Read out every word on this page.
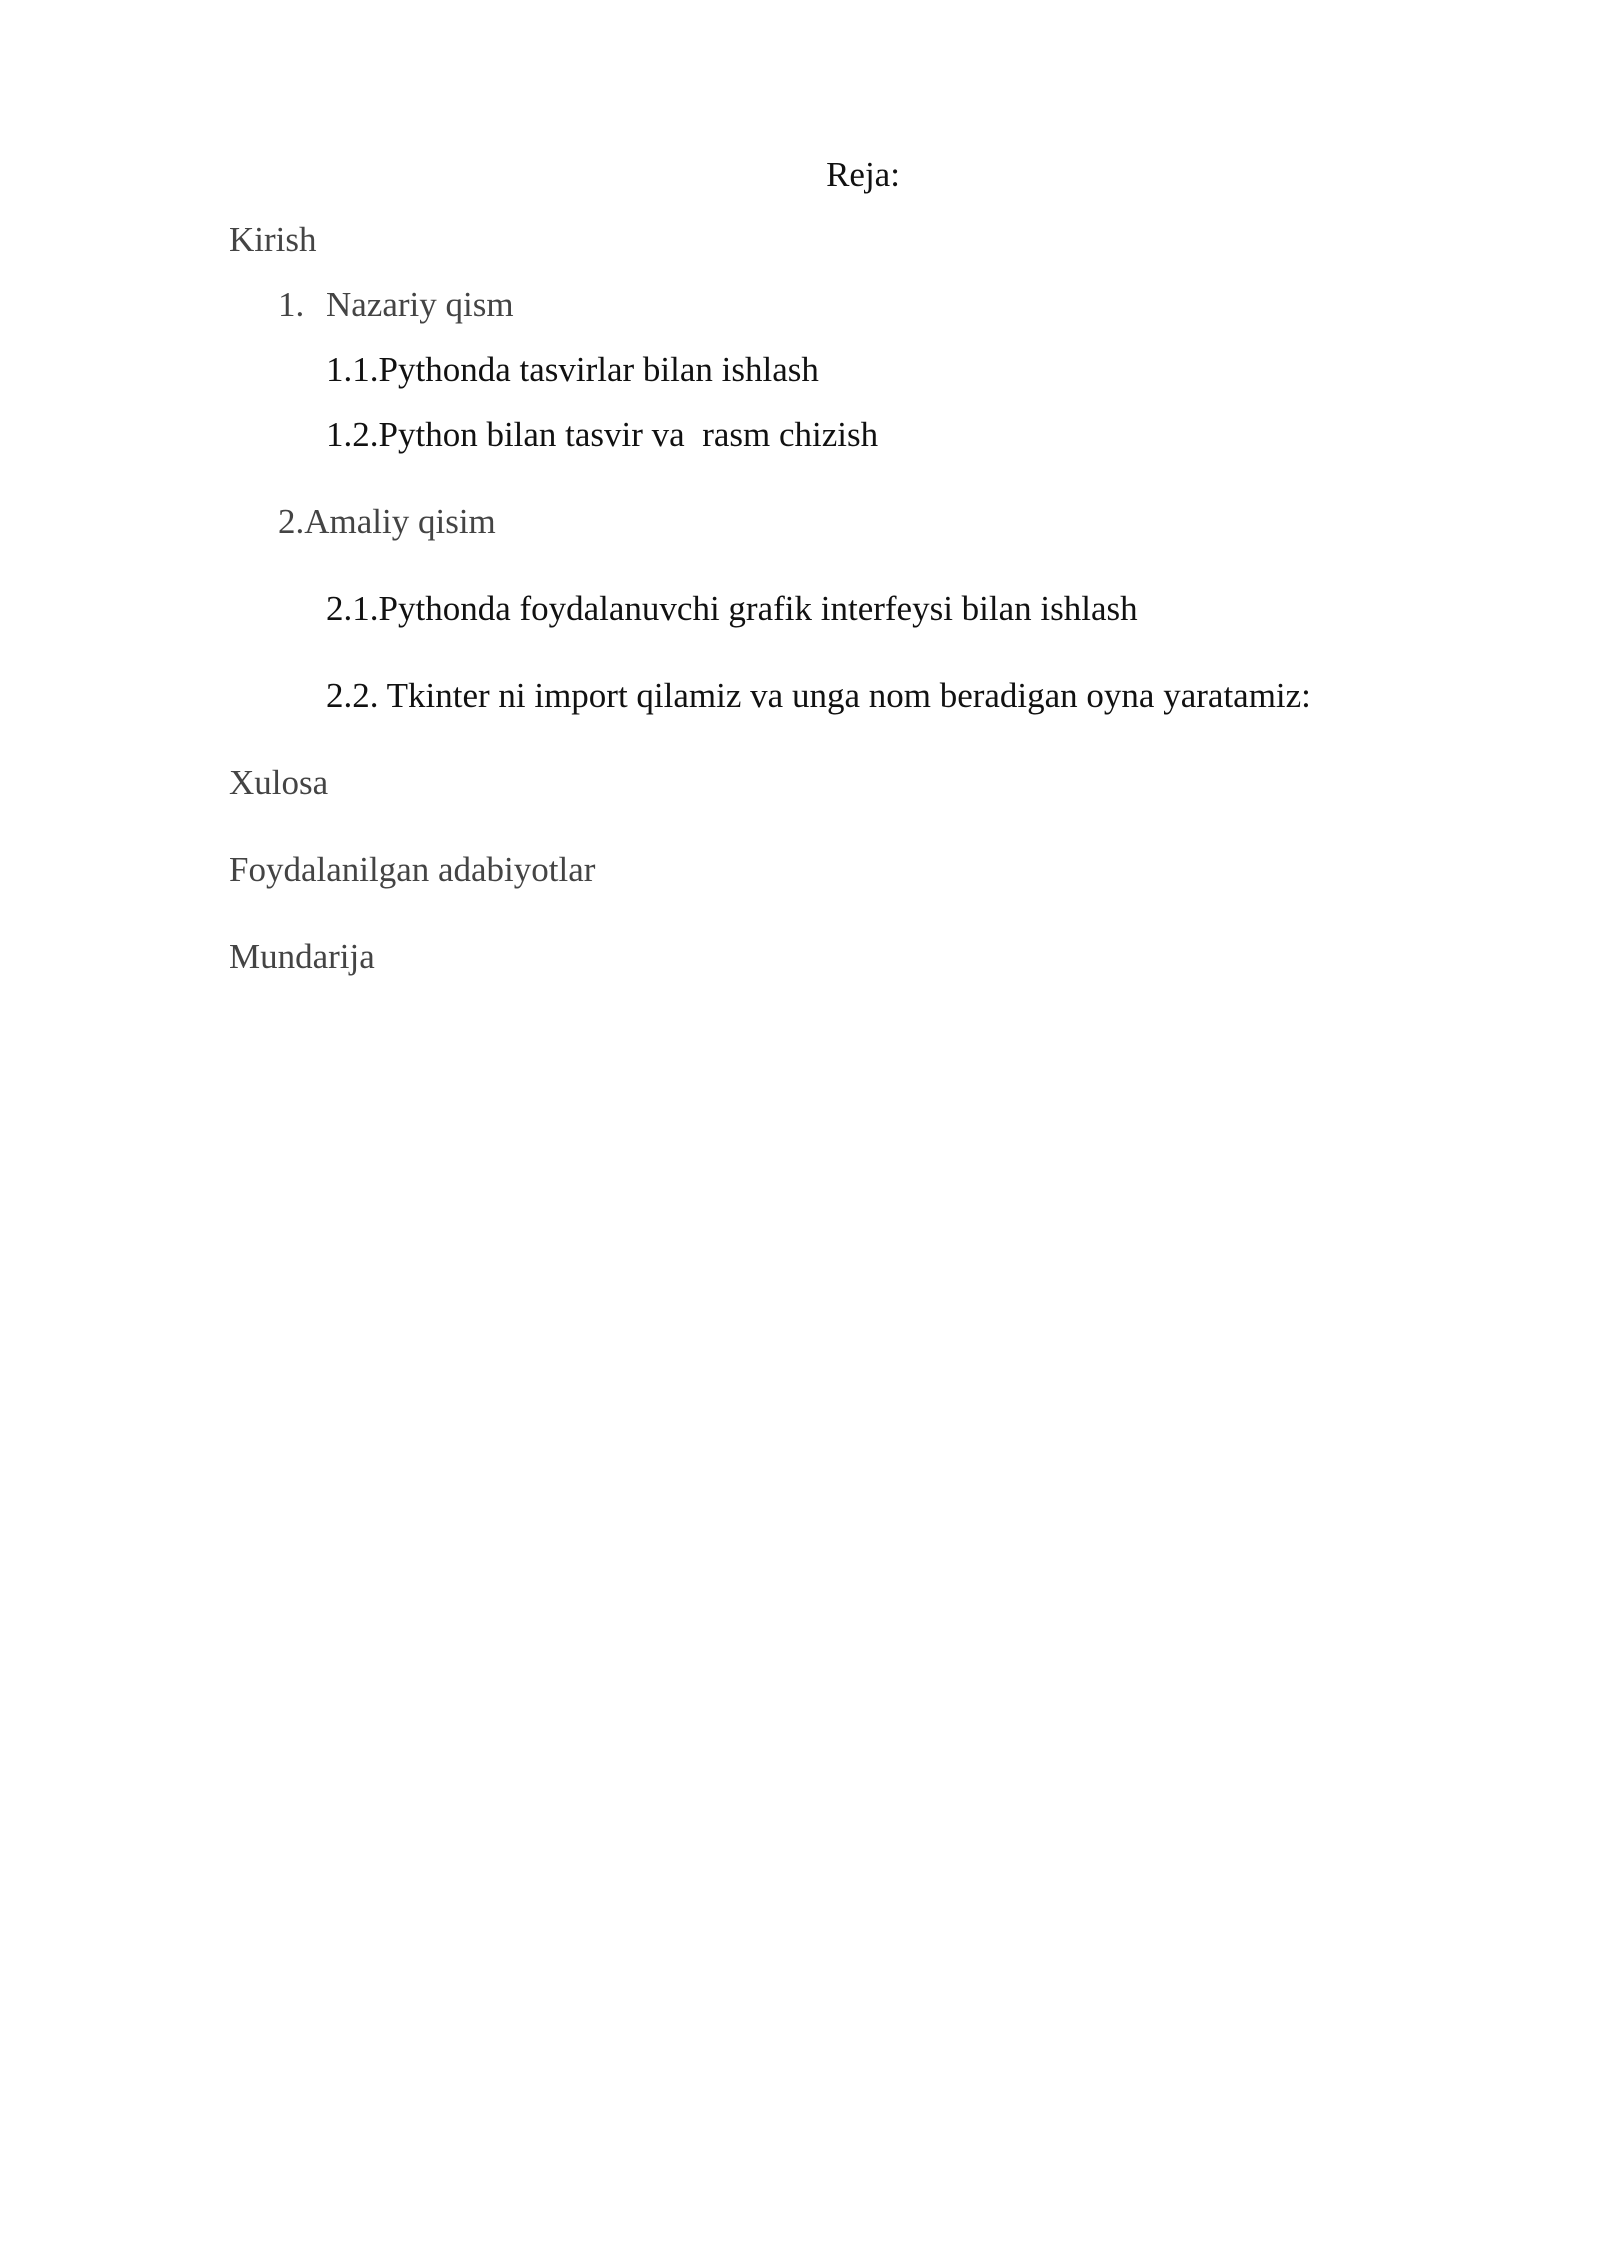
Reja:

Kirish

1. Nazariy qism

1.1.Pythonda tasvirlar bilan ishlash

1.2.Python bilan tasvir va  rasm chizish

2.Amaliy qisim

2.1.Pythonda foydalanuvchi grafik interfeysi bilan ishlash

2.2. Tkinter ni import qilamiz va unga nom beradigan oyna yaratamiz:

Xulosa

Foydalanilgan adabiyotlar

Mundarija
